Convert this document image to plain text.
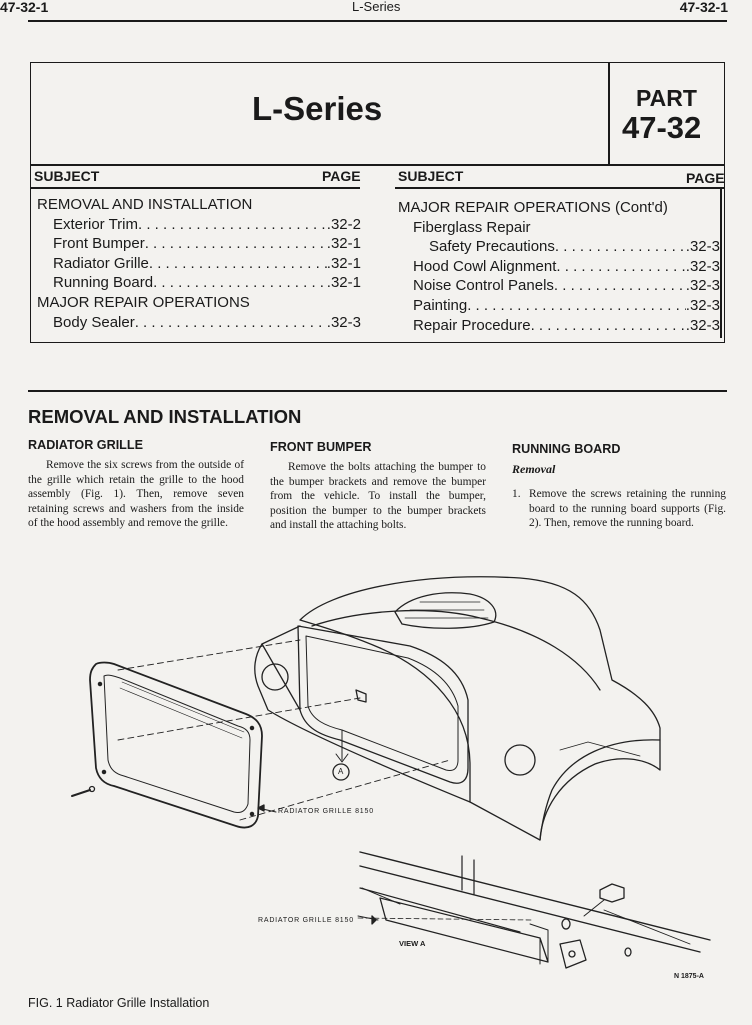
47-32-1	L-Series	47-32-1
L-Series	PART
47-32
SUBJECT	PAGE	SUBJECT	PAGE
REMOVAL AND INSTALLATION
Exterior Trim . . .	.32-2
Front Bumper . . .	.32-1
Radiator Grille . . .	.32-1
Running Board . . .	.32-1
MAJOR REPAIR OPERATIONS
Body Sealer . . .	.32-3
MAJOR REPAIR OPERATIONS (Cont'd)
Fiberglass Repair
Safety Precautions . . .	.32-3
Hood Cowl Alignment . . .	.32-3
Noise Control Panels . . .	.32-3
Painting . . .	.32-3
Repair Procedure . . .	.32-3
REMOVAL AND INSTALLATION
RADIATOR GRILLE
Remove the six screws from the outside of the grille which retain the grille to the hood assembly (Fig. 1). Then, remove seven retaining screws and washers from the inside of the hood assembly and remove the grille.
FRONT BUMPER
Remove the bolts attaching the bumper to the bumper brackets and remove the bumper from the vehicle. To install the bumper, position the bumper to the bumper brackets and install the attaching bolts.
RUNNING BOARD
Removal
1. Remove the screws retaining the running board to the running board supports (Fig. 2). Then, remove the running board.
RADIATOR GRILLE 8150
A
RADIATOR GRILLE 8150
VIEW A
N 1875-A
FIG. 1 Radiator Grille Installation
